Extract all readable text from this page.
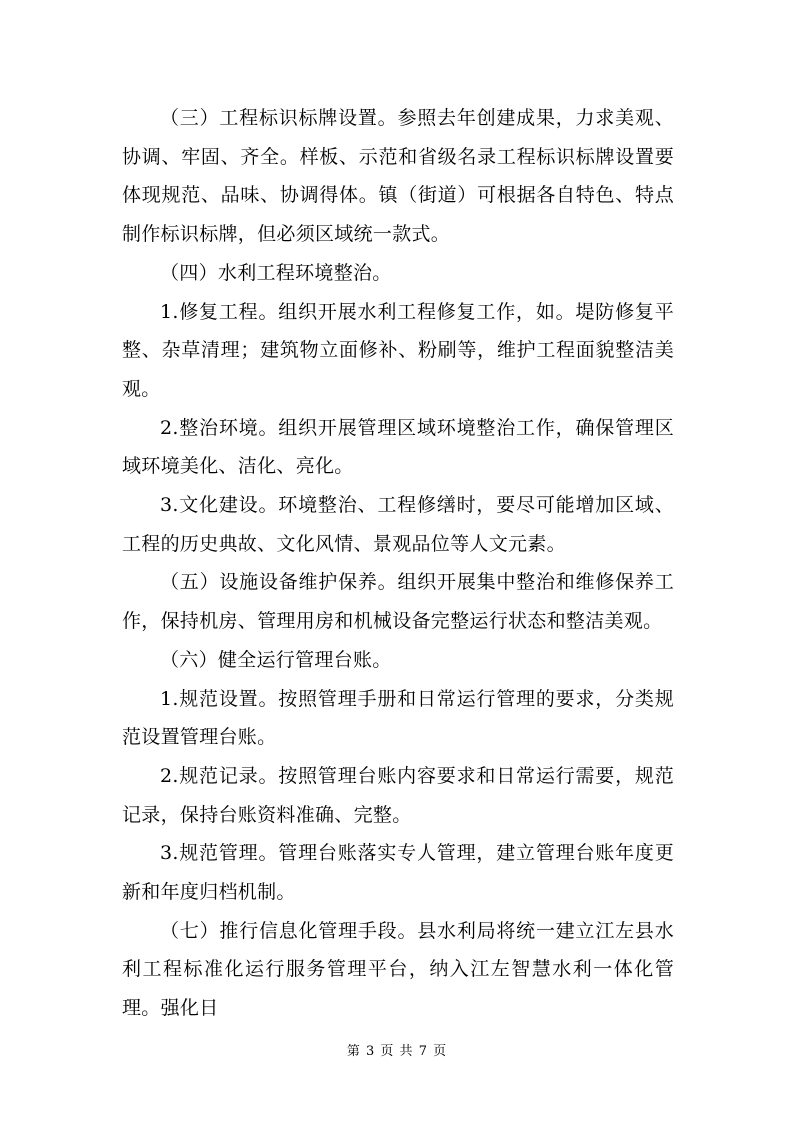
（三）工程标识标牌设置。参照去年创建成果，力求美观、协调、牢固、齐全。样板、示范和省级名录工程标识标牌设置要体现规范、品味、协调得体。镇（街道）可根据各自特色、特点制作标识标牌，但必须区域统一款式。

（四）水利工程环境整治。

1.修复工程。组织开展水利工程修复工作，如。堤防修复平整、杂草清理；建筑物立面修补、粉刷等，维护工程面貌整洁美观。

2.整治环境。组织开展管理区域环境整治工作，确保管理区域环境美化、洁化、亮化。

3.文化建设。环境整治、工程修缮时，要尽可能增加区域、工程的历史典故、文化风情、景观品位等人文元素。

（五）设施设备维护保养。组织开展集中整治和维修保养工作，保持机房、管理用房和机械设备完整运行状态和整洁美观。

（六）健全运行管理台账。

1.规范设置。按照管理手册和日常运行管理的要求，分类规范设置管理台账。

2.规范记录。按照管理台账内容要求和日常运行需要，规范记录，保持台账资料准确、完整。

3.规范管理。管理台账落实专人管理，建立管理台账年度更新和年度归档机制。

（七）推行信息化管理手段。县水利局将统一建立江左县水利工程标准化运行服务管理平台，纳入江左智慧水利一体化管理。强化日

第 3 页 共 7 页
